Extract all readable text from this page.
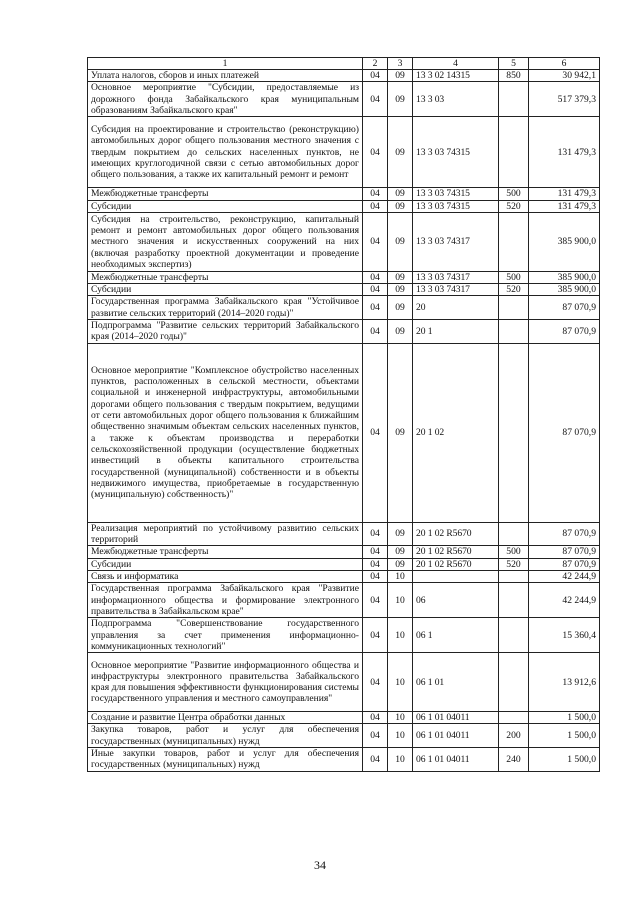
1	2	3	4	5	6
Уплата налогов, сборов и иных платежей	04	09	13 3 02 14315	850	30 942,1
Основное мероприятие "Субсидии, предоставляемые из дорожного фонда Забайкальского края муниципальным образованиям Забайкальского края"	04	09	13 3 03		517 379,3
Субсидия на проектирование и строительство (реконструкцию) автомобильных дорог общего пользования местного значения с твердым покрытием до сельских населенных пунктов, не имеющих круглогодичной связи с сетью автомобильных дорог общего пользования, а также их капитальный ремонт и ремонт	04	09	13 3 03 74315		131 479,3
Межбюджетные трансферты	04	09	13 3 03 74315	500	131 479,3
Субсидии	04	09	13 3 03 74315	520	131 479,3
Субсидия на строительство, реконструкцию, капитальный ремонт и ремонт автомобильных дорог общего пользования местного значения и искусственных сооружений на них (включая разработку проектной документации и проведение необходимых экспертиз)	04	09	13 3 03 74317		385 900,0
Межбюджетные трансферты	04	09	13 3 03 74317	500	385 900,0
Субсидии	04	09	13 3 03 74317	520	385 900,0
Государственная программа Забайкальского края "Устойчивое развитие сельских территорий (2014–2020 годы)"	04	09	20		87 070,9
Подпрограмма "Развитие сельских территорий Забайкальского края (2014–2020 годы)"	04	09	20 1		87 070,9
Основное мероприятие "Комплексное обустройство населенных пунктов, расположенных в сельской местности, объектами социальной и инженерной инфраструктуры, автомобильными дорогами общего пользования с твердым покрытием, ведущими от сети автомобильных дорог общего пользования к ближайшим общественно значимым объектам сельских населенных пунктов, а также к объектам производства и переработки сельскохозяйственной продукции (осуществление бюджетных инвестиций в объекты капитального строительства государственной (муниципальной) собственности и в объекты недвижимого имущества, приобретаемые в государственную (муниципальную) собственность)"	04	09	20 1 02		87 070,9
Реализация мероприятий по устойчивому развитию сельских территорий	04	09	20 1 02 R5670		87 070,9
Межбюджетные трансферты	04	09	20 1 02 R5670	500	87 070,9
Субсидии	04	09	20 1 02 R5670	520	87 070,9
Связь и информатика	04	10			42 244,9
Государственная программа Забайкальского края "Развитие информационного общества и формирование электронного правительства в Забайкальском крае"	04	10	06		42 244,9
Подпрограмма "Совершенствование государственного управления за счет применения информационно-коммуникационных технологий"	04	10	06 1		15 360,4
Основное мероприятие "Развитие информационного общества и инфраструктуры электронного правительства Забайкальского края для повышения эффективности функционирования системы государственного управления и местного самоуправления"	04	10	06 1 01		13 912,6
Создание и развитие Центра обработки данных	04	10	06 1 01 04011		1 500,0
Закупка товаров, работ и услуг для обеспечения государственных (муниципальных) нужд	04	10	06 1 01 04011	200	1 500,0
Иные закупки товаров, работ и услуг для обеспечения государственных (муниципальных) нужд	04	10	06 1 01 04011	240	1 500,0
34
